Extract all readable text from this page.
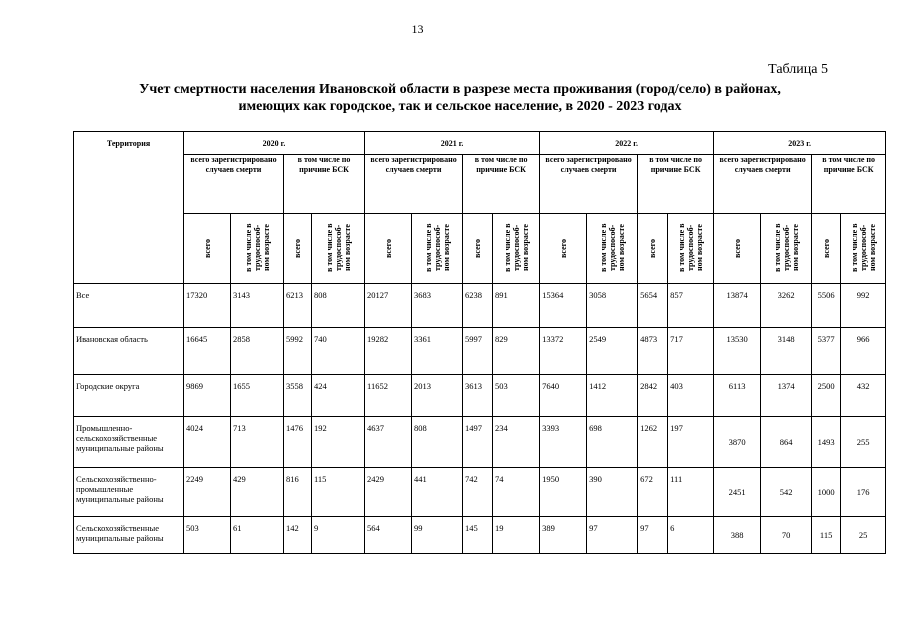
13
Таблица 5
Учет смертности населения Ивановской области в разрезе места проживания (город/село) в районах,
имеющих как городское, так и сельское население, в 2020 - 2023 годах
Территория	2020 г.				2021 г.				2022 г.				2023 г.			
	всего зарегистрировано случаев смерти		в том числе по причине БСК		всего зарегистрировано случаев смерти		в том числе по причине БСК		всего зарегистрировано случаев смерти		в том числе по причине БСК		всего зарегистрировано случаев смерти		в том числе по причине БСК	
	всего	в том числе в
трудоспособ-
ном возрасте	всего	в том числе в
трудоспособ-
ном возрасте	всего	в том числе в
трудоспособ-
ном возрасте	всего	в том числе в
трудоспособ-
ном возрасте	всего	в том числе в
трудоспособ-
ном возрасте	всего	в том числе в
трудоспособ-
ном возрасте	всего	в том числе в
трудоспособ-
ном возрасте	всего	в том числе в
трудоспособ-
ном возрасте
Все	17320	3143	6213	808	20127	3683	6238	891	15364	3058	5654	857	13874	3262	5506	992
Ивановская область	16645	2858	5992	740	19282	3361	5997	829	13372	2549	4873	717	13530	3148	5377	966
Городские округа	9869	1655	3558	424	11652	2013	3613	503	7640	1412	2842	403	6113	1374	2500	432
Промышленно-сельскохозяйственные муниципальные районы	4024	713	1476	192	4637	808	1497	234	3393	698	1262	197	3870	864	1493	255
Сельскохозяйственно-промышленные муниципальные районы	2249	429	816	115	2429	441	742	74	1950	390	672	111	2451	542	1000	176
Сельскохозяйственные муниципальные районы	503	61	142	9	564	99	145	19	389	97	97	6	388	70	115	25
